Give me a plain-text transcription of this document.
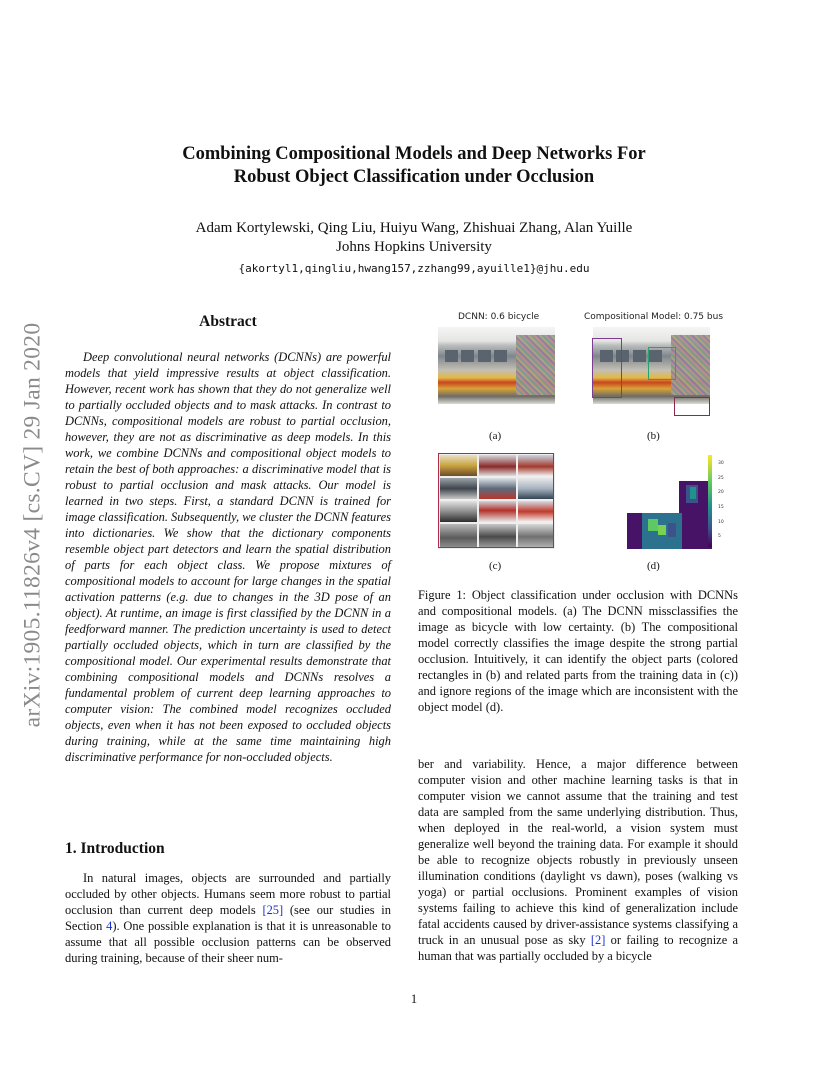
arXiv:1905.11826v4 [cs.CV] 29 Jan 2020
Combining Compositional Models and Deep Networks For
Robust Object Classification under Occlusion
Adam Kortylewski, Qing Liu, Huiyu Wang, Zhishuai Zhang, Alan Yuille
Johns Hopkins University
{akortyl1,qingliu,hwang157,zzhang99,ayuille1}@jhu.edu
Abstract

Deep convolutional neural networks (DCNNs) are powerful models that yield impressive results at object classification. However, recent work has shown that they do not generalize well to partially occluded objects and to mask attacks. In contrast to DCNNs, compositional models are robust to partial occlusion, however, they are not as discriminative as deep models. In this work, we combine DCNNs and compositional object models to retain the best of both approaches: a discriminative model that is robust to partial occlusion and mask attacks. Our model is learned in two steps. First, a standard DCNN is trained for image classification. Subsequently, we cluster the DCNN features into dictionaries. We show that the dictionary components resemble object part detectors and learn the spatial distribution of parts for each object class. We propose mixtures of compositional models to account for large changes in the spatial activation patterns (e.g. due to changes in the 3D pose of an object). At runtime, an image is first classified by the DCNN in a feedforward manner. The prediction uncertainty is used to detect partially occluded objects, which in turn are classified by the compositional model. Our experimental results demonstrate that combining compositional models and DCNNs resolves a fundamental problem of current deep learning approaches to computer vision: The combined model recognizes occluded objects, even when it has not been exposed to occluded objects during training, while at the same time maintaining high discriminative performance for non-occluded objects.

1. Introduction

In natural images, objects are surrounded and partially occluded by other objects. Humans seem more robust to partial occlusion than current deep models [25] (see our studies in Section 4). One possible explanation is that it is unreasonable to assume that all possible occlusion patterns can be observed during training, because of their sheer num-

DCNN: 0.6 bicycle	Compositional Model: 0.75 bus
(a)	(b)
30
25
20
15
10
5
(c)	(d)

Figure 1: Object classification under occlusion with DCNNs and compositional models. (a) The DCNN missclassifies the image as bicycle with low certainty. (b) The compositional model correctly classifies the image despite the strong partial occlusion. Intuitively, it can identify the object parts (colored rectangles in (b) and related parts from the training data in (c)) and ignore regions of the image which are inconsistent with the object model (d).

ber and variability. Hence, a major difference between computer vision and other machine learning tasks is that in computer vision we cannot assume that the training and test data are sampled from the same underlying distribution. Thus, when deployed in the real-world, a vision system must generalize well beyond the training data. For example it should be able to recognize objects robustly in previously unseen illumination conditions (daylight vs dawn), poses (walking vs yoga) or partial occlusions. Prominent examples of vision systems failing to achieve this kind of generalization include fatal accidents caused by driver-assistance systems classifying a truck in an unusual pose as sky [2] or failing to recognize a human that was partially occluded by a bicycle

1
